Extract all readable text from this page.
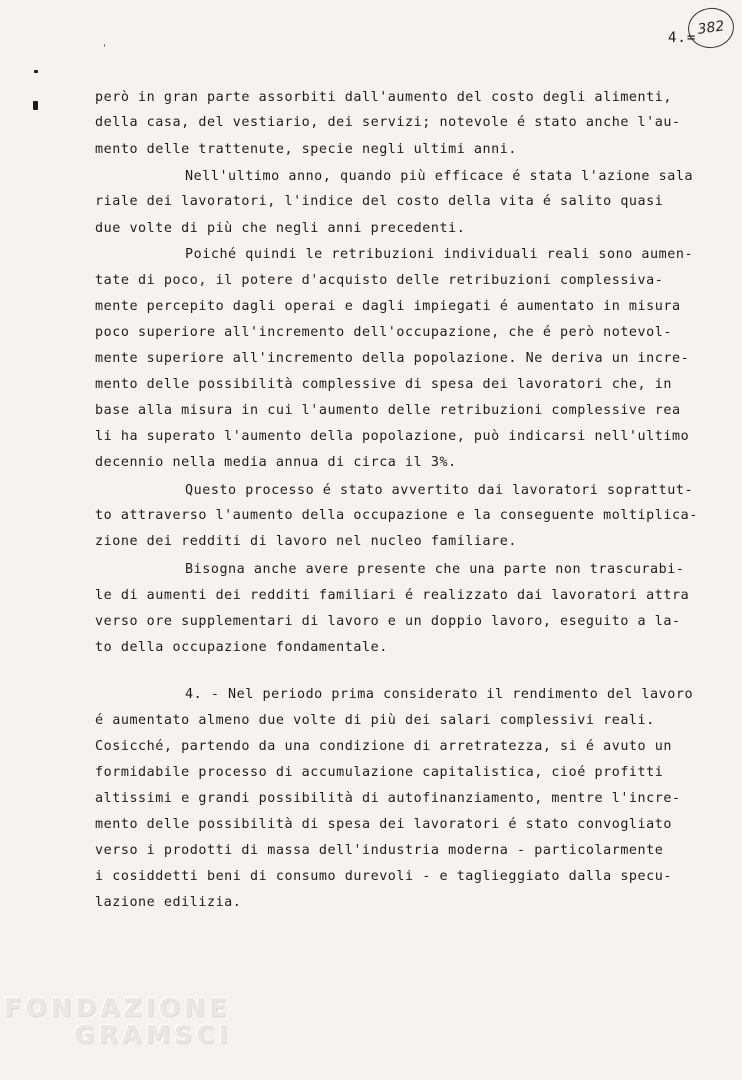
382
4.=
però in gran parte assorbiti dall'aumento del costo degli alimenti,
della casa, del vestiario, dei servizi; notevole é stato anche l'au-
mento delle trattenute, specie negli ultimi anni.
Nell'ultimo anno, quando più efficace é stata l'azione sala
riale dei lavoratori, l'indice del costo della vita é salito quasi
due volte di più che negli anni precedenti.
Poiché quindi le retribuzioni individuali reali sono aumen-
tate di poco, il potere d'acquisto delle retribuzioni complessiva-
mente percepito dagli operai e dagli impiegati é aumentato in misura
poco superiore all'incremento dell'occupazione, che é però notevol-
mente superiore all'incremento della popolazione. Ne deriva un incre-
mento delle possibilità complessive di spesa dei lavoratori che, in
base alla misura in cui l'aumento delle retribuzioni complessive rea
li ha superato l'aumento della popolazione, può indicarsi nell'ultimo
decennio nella media annua di circa il 3%.
Questo processo é stato avvertito dai lavoratori soprattut-
to attraverso l'aumento della occupazione e la conseguente moltiplica-
zione dei redditi di lavoro nel nucleo familiare.
Bisogna anche avere presente che una parte non trascurabi-
le di aumenti dei redditi familiari é realizzato dai lavoratori attra
verso ore supplementari di lavoro e un doppio lavoro, eseguito a la-
to della occupazione fondamentale.
4. - Nel periodo prima considerato il rendimento del lavoro
é aumentato almeno due volte di più dei salari complessivi reali.
Cosicché, partendo da una condizione di arretratezza, si é avuto un
formidabile processo di accumulazione capitalistica, cioé profitti
altissimi e grandi possibilità di autofinanziamento, mentre l'incre-
mento delle possibilità di spesa dei lavoratori é stato convogliato
verso i prodotti di massa dell'industria moderna - particolarmente
i cosiddetti beni di consumo durevoli - e taglieggiato dalla specu-
lazione edilizia.
FONDAZIONE
GRAMSCI
